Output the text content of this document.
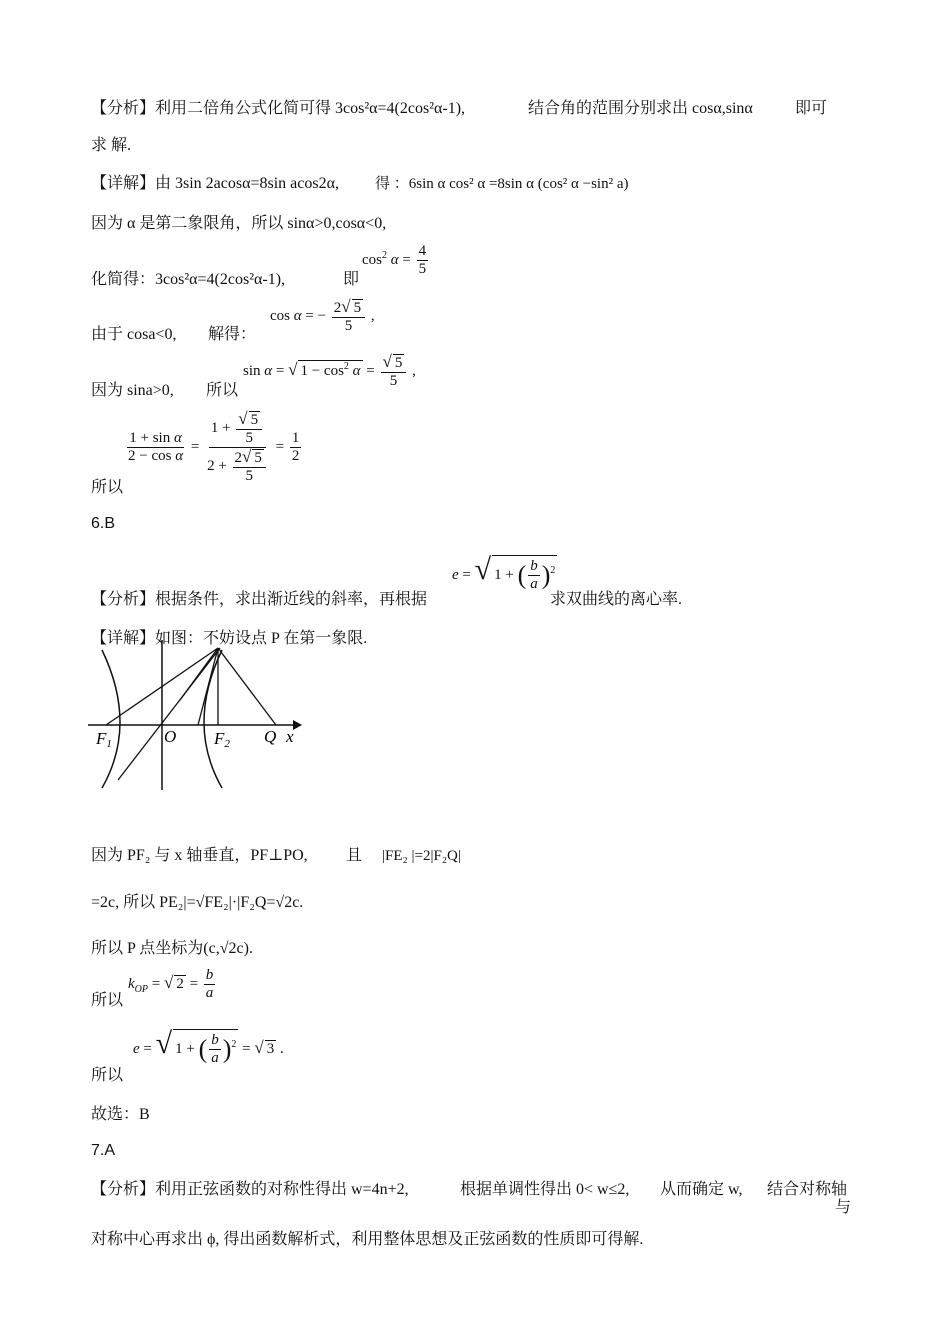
【分析】利用二倍角公式化简可得 3cos²α=4(2cos²α-1),	结合角的范围分别求出 cosα,sinα	即可
求 解.
【详解】由 3sin 2acosα=8sin acos2α, 得 ：6sin α cos² α =8sin α (cos² α −sin² a)
因为 α 是第二象限角，所以 sinα>0,cosα<0,
化简得：3cos²α=4(2cos²α-1),	即
$\cos^2 \alpha = \frac{4}{5}$
由于 cosa<0, 解得：
cos α = − $\frac{2√ 5}{5}$ ,
因为 sina>0, 所以
sin α = √ $1 - \cos^2 \alpha = \frac{√ 5}{5}$ ,
$\frac{\text{1 + sin α}}{\text{2 − cos α}} = \frac{1 + \frac{√ 5}{5}}{2 + \frac{2√ 5}{5}} = \frac{1}{2}$
所以
6.B
e = √ 1 + ( $\frac{b}{a} )^2$
【分析】根据条件，求出渐近线的斜率，再根据	求双曲线的离心率.
【详解】如图：不妨设点 P 在第一象限.
F1	O F2 Q x
因为 PF₂ 与 x 轴垂直，PF⊥PO, 且 |FE₂ |=2|F₂Q|
=2c, 所以 PE₂|=√FE₂|·|F₂Q=√2c.
所以 P 点坐标为(c,√2c).
$k_{OP}$ = √ $2 = \frac{b}{a}$
所以
e = √ 1 + ( $\frac{b}{a} )^2$ = √ 3 .
所以
故选：B
7.A
【分析】利用正弦函数的对称性得出 w=4n+2,	根据单调性得出 0< w≤2, 从而确定 w, 结合对称轴
与
对称中心再求出 ϕ, 得出函数解析式，利用整体思想及正弦函数的性质即可得解.
